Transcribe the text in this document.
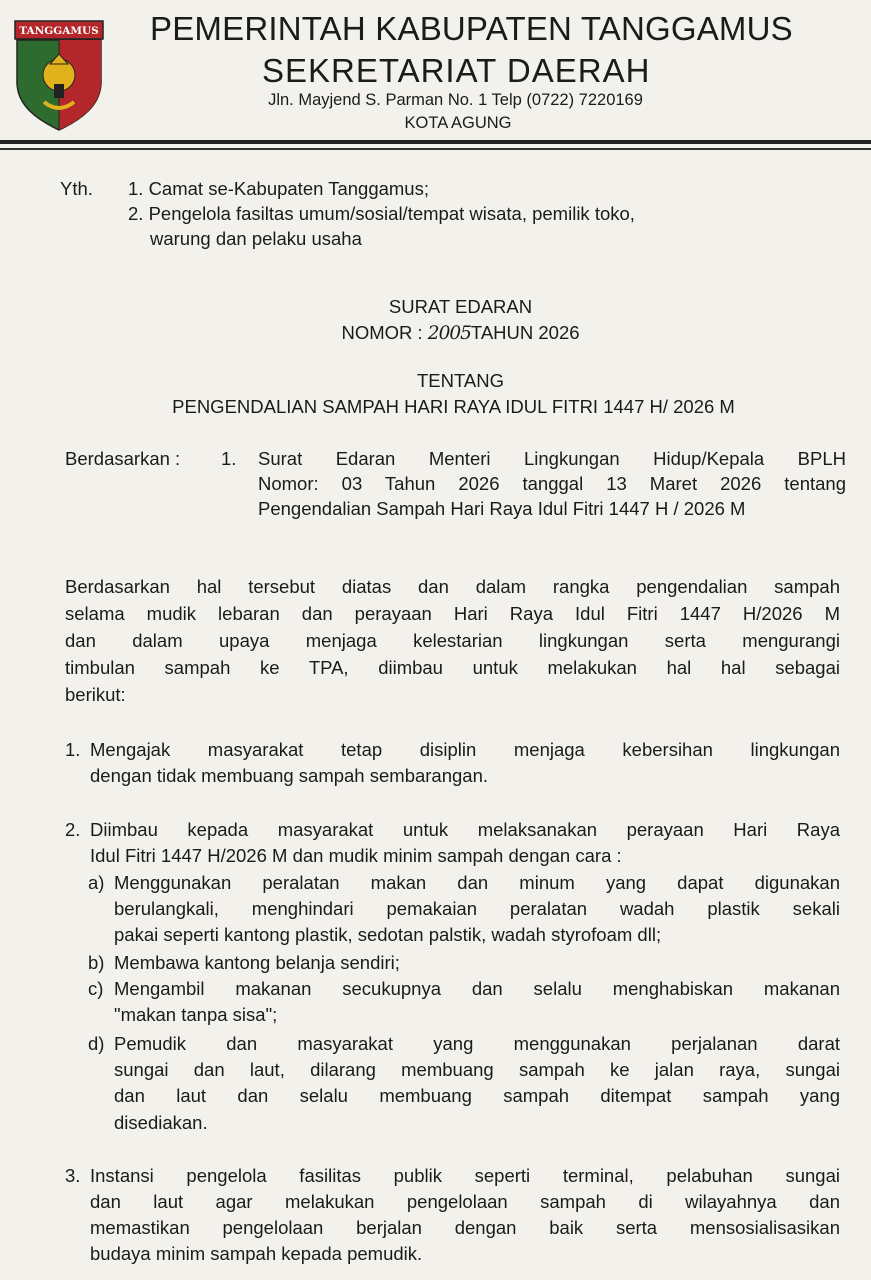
TANGGAMUS PEMERINTAH KABUPATEN TANGGAMUS
SEKRETARIAT DAERAH
Jln. Mayjend S. Parman No. 1 Telp (0722) 7220169
KOTA AGUNG
Yth. 1. Camat se-Kabupaten Tanggamus;
2. Pengelola fasiltas umum/sosial/tempat wisata, pemilik toko,
warung dan pelaku usaha
SURAT EDARAN
NOMOR : 2005TAHUN 2026
TENTANG
PENGENDALIAN SAMPAH HARI RAYA IDUL FITRI 1447 H/ 2026 M
Berdasarkan : 1. Surat Edaran Menteri Lingkungan Hidup/Kepala BPLH
Nomor: 03 Tahun 2026 tanggal 13 Maret 2026 tentang
Pengendalian Sampah Hari Raya Idul Fitri 1447 H / 2026 M
Berdasarkan hal tersebut diatas dan dalam rangka pengendalian sampah
selama mudik lebaran dan perayaan Hari Raya Idul Fitri 1447 H/2026 M
dan dalam upaya menjaga kelestarian lingkungan serta mengurangi
timbulan sampah ke TPA, diimbau untuk melakukan hal hal sebagai
berikut:
1. Mengajak masyarakat tetap disiplin menjaga kebersihan lingkungan
dengan tidak membuang sampah sembarangan.
2. Diimbau kepada masyarakat untuk melaksanakan perayaan Hari Raya
Idul Fitri 1447 H/2026 M dan mudik minim sampah dengan cara :
a) Menggunakan peralatan makan dan minum yang dapat digunakan
berulangkali, menghindari pemakaian peralatan wadah plastik sekali
pakai seperti kantong plastik, sedotan palstik, wadah styrofoam dll;
b) Membawa kantong belanja sendiri;
c) Mengambil makanan secukupnya dan selalu menghabiskan makanan
"makan tanpa sisa";
d) Pemudik dan masyarakat yang menggunakan perjalanan darat
sungai dan laut, dilarang membuang sampah ke jalan raya, sungai
dan laut dan selalu membuang sampah ditempat sampah yang
disediakan.
3. Instansi pengelola fasilitas publik seperti terminal, pelabuhan sungai
dan laut agar melakukan pengelolaan sampah di wilayahnya dan
memastikan pengelolaan berjalan dengan baik serta mensosialisasikan
budaya minim sampah kepada pemudik.
